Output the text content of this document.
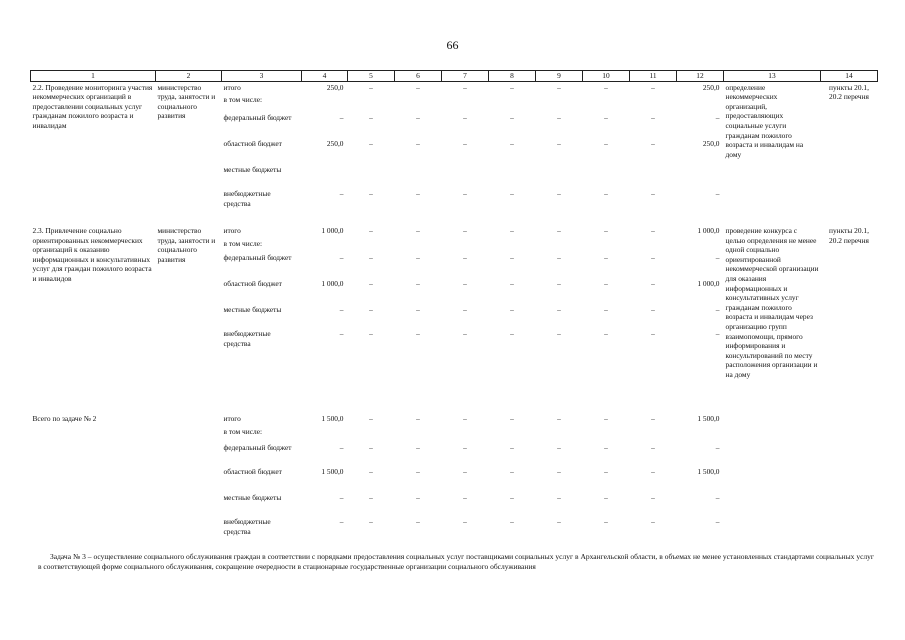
66
1	2	3	4	5	6	7	8	9	10	11	12	13	14
2.2. Проведение мониторинга участия некоммерческих организаций в предоставлении социальных услуг гражданам пожилого возраста и инвалидам	министерство труда, занятости и социального развития	итого	250,0	–	–	–	–	–	–	–	250,0	определение некоммерческих организаций, предоставляющих социальные услуги гражданам пожилого возраста и инвалидам на дому	пункты 20.1, 20.2 перечня
		в том числе:											
		федеральный бюджет	–	–	–	–	–	–	–	–	–		
		областной бюджет	250,0	–	–	–	–	–	–	–	250,0		
		местные бюджеты											
		внебюджетные средства	–	–	–	–	–	–	–	–	–		
2.3. Привлечение социально ориентированных некоммерческих организаций к оказанию информационных и консультативных услуг для граждан пожилого возраста и инвалидов	министерство труда, занятости и социального развития	итого	1 000,0	–	–	–	–	–	–	–	1 000,0	проведение конкурса с целью определения не менее одной социально ориентированной некоммерческой организации для оказания информационных и консультативных услуг гражданам пожилого возраста и инвалидам через организацию групп взаимопомощи, прямого информирования и консультирований по месту расположения организации и на дому	пункты 20.1, 20.2 перечня
		в том числе:											
		федеральный бюджет	–	–	–	–	–	–	–	–	–		
		областной бюджет	1 000,0	–	–	–	–	–	–	–	1 000,0		
		местные бюджеты	–	–	–	–	–	–	–	–	–		
		внебюджетные средства	–	–	–	–	–	–	–	–	–		
Всего по задаче № 2		итого	1 500,0	–	–	–	–	–	–	–	1 500,0		
		в том числе:											
		федеральный бюджет	–	–	–	–	–	–	–	–	–		
		областной бюджет	1 500,0	–	–	–	–	–	–	–	1 500,0		
		местные бюджеты	–	–	–	–	–	–	–	–	–		
		внебюджетные средства	–	–	–	–	–	–	–	–	–		
Задача № 3 – осуществление социального обслуживания граждан в соответствии с порядками предоставления социальных услуг поставщиками социальных услуг в Архангельской области, в объемах не менее установленных стандартами социальных услуг в соответствующей форме социального обслуживания, сокращение очередности в стационарные государственные организации социального обслуживания
